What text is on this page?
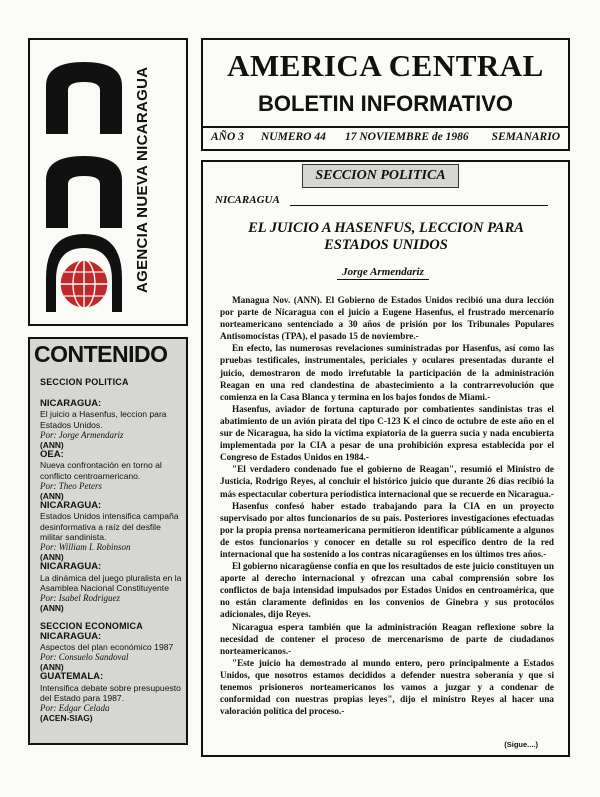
AGENCIA NUEVA NICARAGUA
CONTENIDO
SECCION POLITICA
NICARAGUA:
El juicio a Hasenfus, leccion para Estados Unidos.
Por: Jorge Armendariz
(ANN)
OEA:
Nueva confrontación en torno al conflicto centroamericano.
Por: Theo Peters
(ANN)
NICARAGUA:
Estados Unidos intensifica campaña desinformativa a raíz del desfile militar sandinista.
Por: William I. Robinson
(ANN)
NICARAGUA:
La dinámica del juego pluralista en la Asamblea Nacional Constituyente
Por: Isabel Rodriguez
(ANN)
SECCION ECONOMICA
NICARAGUA:
Aspectos del plan económico 1987
Por: Consuelo Sandoval
(ANN)
GUATEMALA:
Intensifica debate sobre presupuesto del Estado para 1987.
Por: Edgar Celada
(ACEN-SIAG)
AMERICA CENTRAL
BOLETIN INFORMATIVO
AÑO 3 NUMERO 44 17 NOVIEMBRE de 1986 SEMANARIO
SECCION POLITICA
NICARAGUA
EL JUICIO A HASENFUS, LECCION PARA ESTADOS UNIDOS
Jorge Armendariz

Managua Nov. (ANN). El Gobierno de Estados Unidos recibió una dura lección por parte de Nicaragua con el juicio a Eugene Hasenfus, el frustrado mercenario norteamericano sentenciado a 30 años de prisión por los Tribunales Populares Antisomocistas (TPA), el pasado 15 de noviembre.-

En efecto, las numerosas revelaciones suministradas por Hasenfus, así como las pruebas testificales, instrumentales, periciales y oculares presentadas durante el juicio, demostraron de modo irrefutable la participación de la administración Reagan en una red clandestina de abastecimiento a la contrarrevolución que comienza en la Casa Blanca y termina en los bajos fondos de Miami.-

Hasenfus, aviador de fortuna capturado por combatientes sandinistas tras el abatimiento de un avión pirata del tipo C-123 K el cinco de octubre de este año en el sur de Nicaragua, ha sido la víctima expiatoria de la guerra sucia y nada encubierta implementada por la CIA a pesar de una prohibición expresa establecida por el Congreso de Estados Unidos en 1984.-

"El verdadero condenado fue el gobierno de Reagan", resumió el Ministro de Justicia, Rodrigo Reyes, al concluir el histórico juicio que durante 26 días recibió la más espectacular cobertura periodística internacional que se recuerde en Nicaragua.-

Hasenfus confesó haber estado trabajando para la CIA en un proyecto supervisado por altos funcionarios de su país. Posteriores investigaciones efectuadas por la propia prensa norteamericana permitieron identificar públicamente a algunos de estos funcionarios y conocer en detalle su rol específico dentro de la red internacional que ha sostenido a los contras nicaragüenses en los últimos tres años.-

El gobierno nicaragüense confía en que los resultados de este juicio constituyen un aporte al derecho internacional y ofrezcan una cabal comprensión sobre los conflictos de baja intensidad impulsados por Estados Unidos en centroamérica, que no están claramente definidos en los convenios de Ginebra y sus protocólos adicionales, dijo Reyes.

Nicaragua espera también que la administración Reagan reflexione sobre la necesidad de contener el proceso de mercenarismo de parte de ciudadanos norteamericanos.-

"Este juicio ha demostrado al mundo entero, pero principalmente a Estados Unidos, que nosotros estamos decididos a defender nuestra soberanía y que si tenemos prisioneros norteamericanos los vamos a juzgar y a condenar de conformidad con nuestras propias leyes", dijo el ministro Reyes al hacer una valoración política del proceso.-

(Sigue....)
